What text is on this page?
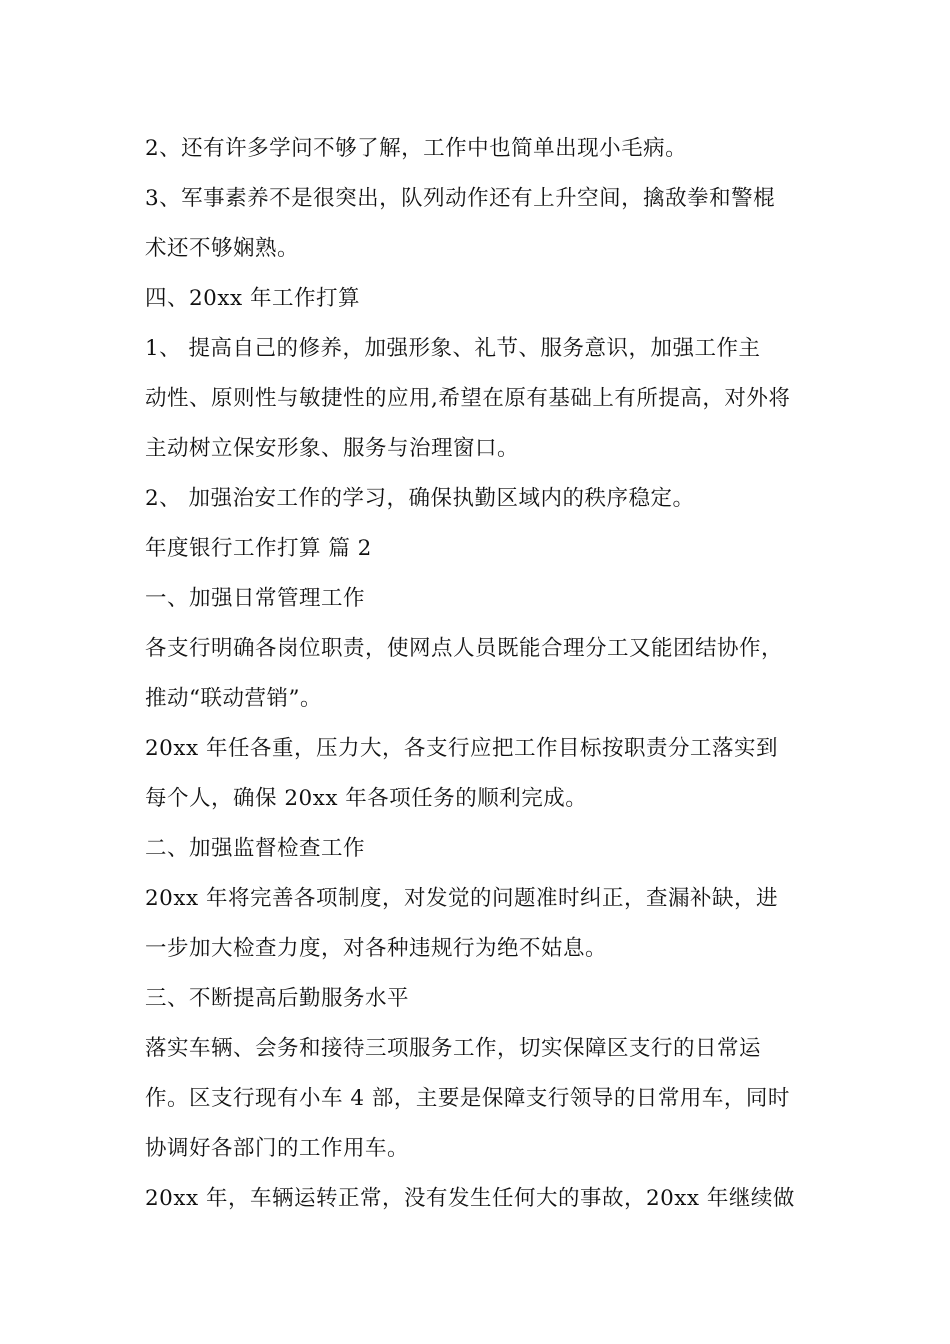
2、还有许多学问不够了解，工作中也简单出现小毛病。
3、军事素养不是很突出，队列动作还有上升空间，擒敌拳和警棍
术还不够娴熟。
四、20xx 年工作打算
1、 提高自己的修养，加强形象、礼节、服务意识，加强工作主
动性、原则性与敏捷性的应用,希望在原有基础上有所提高，对外将
主动树立保安形象、服务与治理窗口。
2、 加强治安工作的学习，确保执勤区域内的秩序稳定。
年度银行工作打算 篇 2
一、加强日常管理工作
各支行明确各岗位职责，使网点人员既能合理分工又能团结协作，
推动“联动营销”。
20xx 年任各重，压力大，各支行应把工作目标按职责分工落实到
每个人，确保 20xx 年各项任务的顺利完成。
二、加强监督检查工作
20xx 年将完善各项制度，对发觉的问题准时纠正，查漏补缺，进
一步加大检查力度，对各种违规行为绝不姑息。
三、不断提高后勤服务水平
落实车辆、会务和接待三项服务工作，切实保障区支行的日常运
作。区支行现有小车 4 部，主要是保障支行领导的日常用车，同时
协调好各部门的工作用车。
20xx 年，车辆运转正常，没有发生任何大的事故，20xx 年继续做
